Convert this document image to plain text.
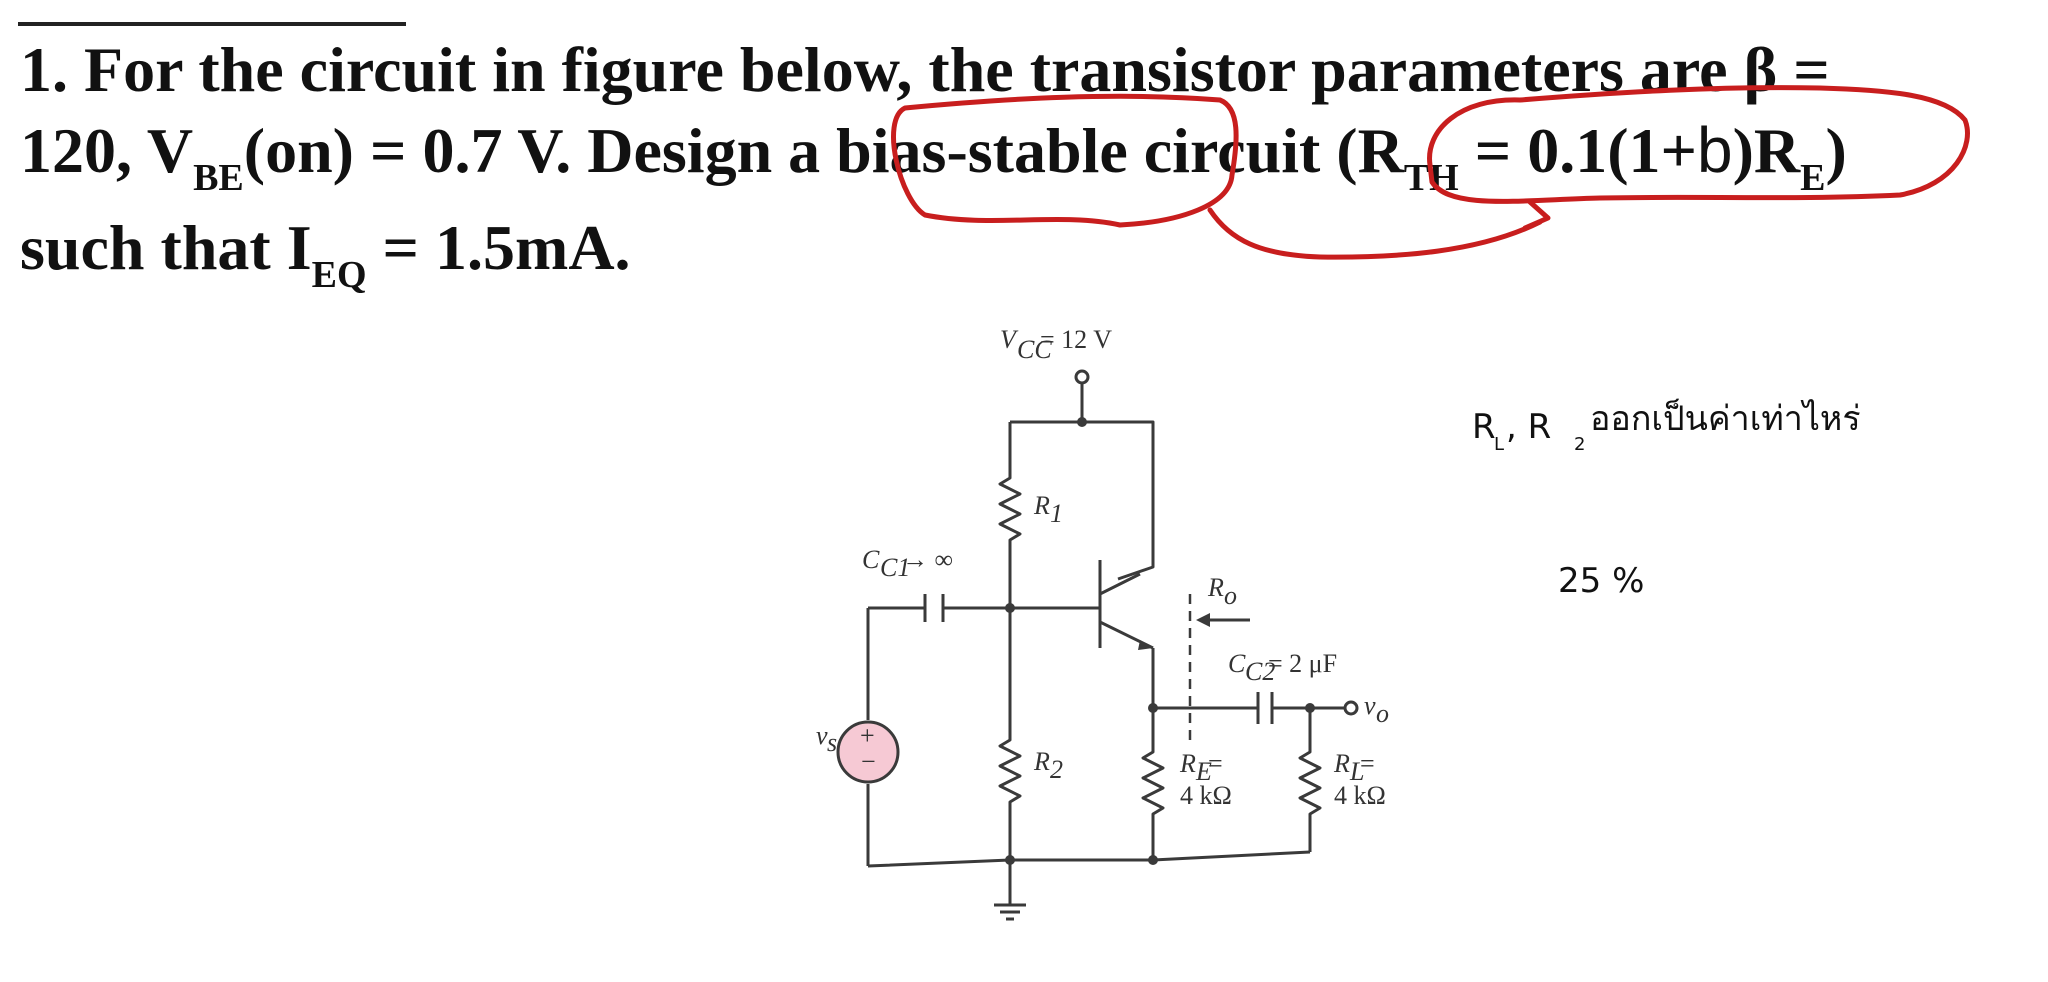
1. For the circuit in figure below, the transistor parameters are β =

120, $V_{BE}(on) = 0.7$ V. Design a bias-stable circuit $(R_{TH} = 0.1(1+b)R_E)$

such that $I_{EQ} = 1.5mA$.

R
L , R 2
ออกเป็นค่าเท่าไหร่
25 %
V CC
= 12 V
R 1
C C1
→ ∞
R E
=
4 kΩ
R o
C C2
= 2 μF
v o
R L
=
4 kΩ
R 2
+
−
v s
